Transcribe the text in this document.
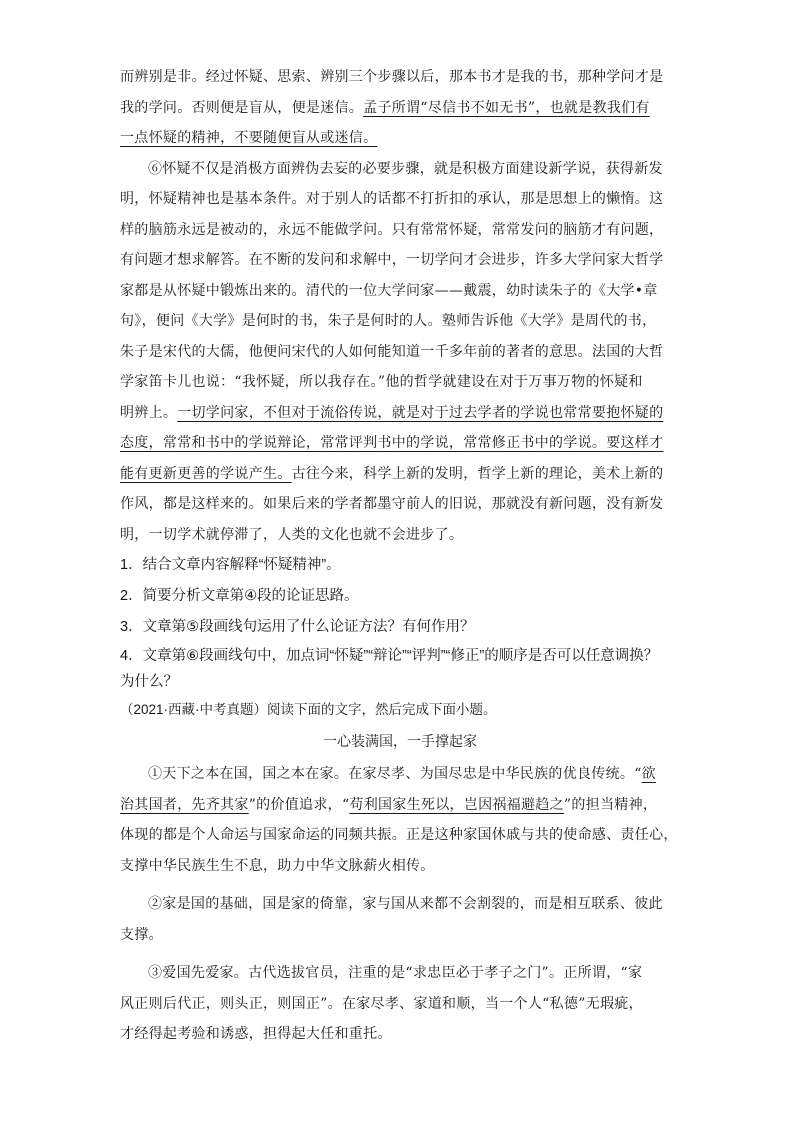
而辨别是非。经过怀疑、思索、辨别三个步骤以后，那本书才是我的书，那种学问才是
我的学问。否则便是盲从，便是迷信。孟子所谓“尽信书不如无书”，也就是教我们有
一点怀疑的精神，不要随便盲从或迷信。
⑥怀疑不仅是消极方面辨伪去妄的必要步骤，就是积极方面建设新学说，获得新发
明，怀疑精神也是基本条件。对于别人的话都不打折扣的承认，那是思想上的懒惰。这
样的脑筋永远是被动的，永远不能做学问。只有常常怀疑，常常发问的脑筋才有问题，
有问题才想求解答。在不断的发问和求解中，一切学问才会进步，许多大学问家大哲学
家都是从怀疑中锻炼出来的。清代的一位大学问家——戴震，幼时读朱子的《大学•章
句》，便问《大学》是何时的书，朱子是何时的人。塾师告诉他《大学》是周代的书，
朱子是宋代的大儒，他便问宋代的人如何能知道一千多年前的著者的意思。法国的大哲
学家笛卡儿也说：“我怀疑，所以我存在。”他的哲学就建设在对于万事万物的怀疑和
明辨上。一切学问家，不但对于流俗传说，就是对于过去学者的学说也常常要抱怀疑的
态度，常常和书中的学说辩论，常常评判书中的学说，常常修正书中的学说。要这样才
能有更新更善的学说产生。古往今来，科学上新的发明，哲学上新的理论，美术上新的
作风，都是这样来的。如果后来的学者都墨守前人的旧说，那就没有新问题，没有新发
明，一切学术就停滞了，人类的文化也就不会进步了。
1．结合文章内容解释“怀疑精神”。
2．简要分析文章第④段的论证思路。
3．文章第⑤段画线句运用了什么论证方法？有何作用？
4．文章第⑥段画线句中，加点词“怀疑”“辩论”“评判”“修正”的顺序是否可以任意调换？
为什么？
（2021·西藏·中考真题）阅读下面的文字，然后完成下面小题。
一心装满国，一手撑起家
①天下之本在国，国之本在家。在家尽孝、为国尽忠是中华民族的优良传统。“欲
治其国者，先齐其家”的价值追求，“苟利国家生死以，岂因祸福避趋之”的担当精神，
体现的都是个人命运与国家命运的同频共振。正是这种家国休戚与共的使命感、责任心，
支撑中华民族生生不息，助力中华文脉薪火相传。
②家是国的基础，国是家的倚靠，家与国从来都不会割裂的，而是相互联系、彼此
支撑。
③爱国先爱家。古代选拔官员，注重的是“求忠臣必于孝子之门”。正所谓，“家
风正则后代正，则头正，则国正”。在家尽孝、家道和顺，当一个人“私德”无瑕疵，
才经得起考验和诱惑，担得起大任和重托。
